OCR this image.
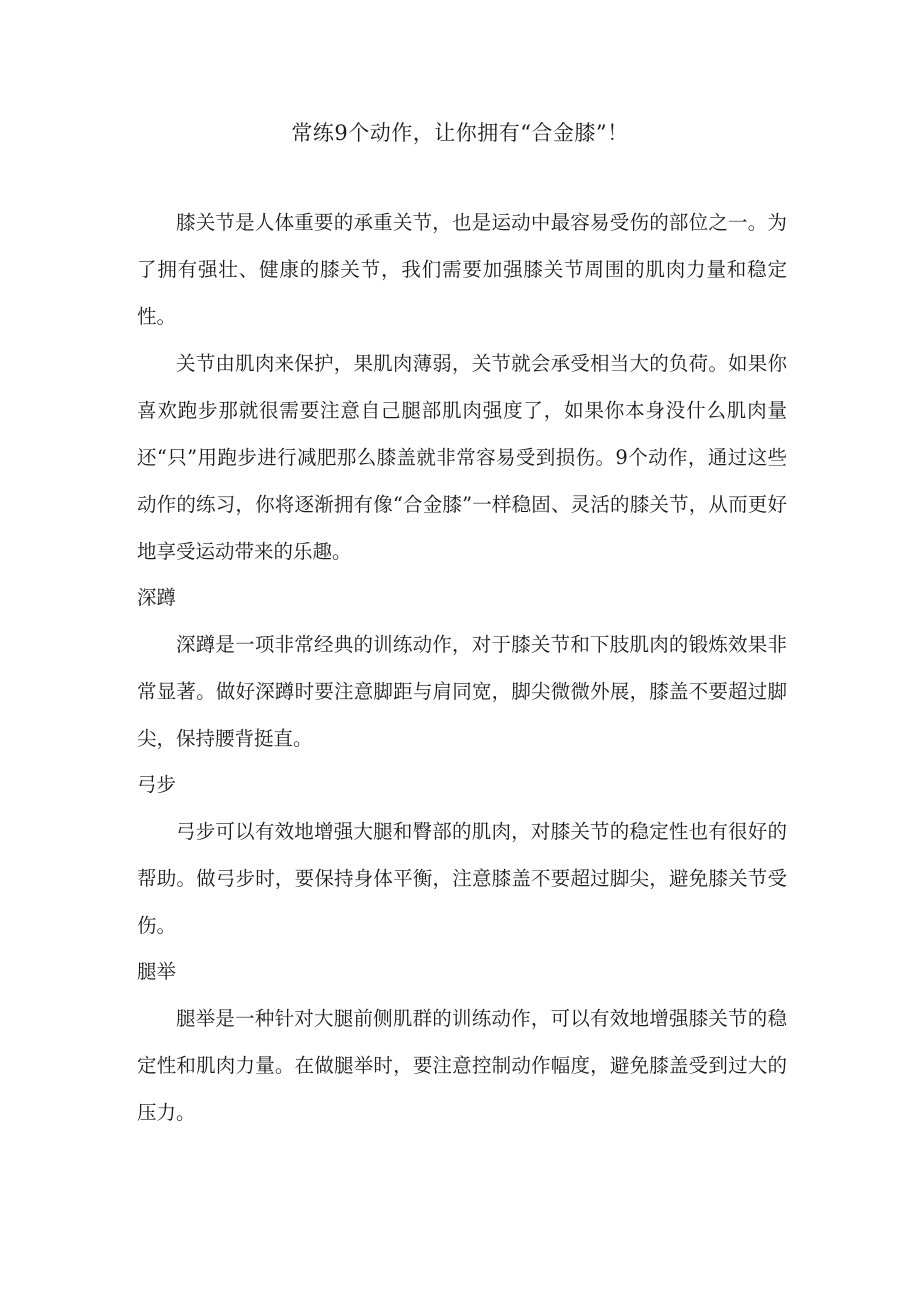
常练9个动作，让你拥有“合金膝”！

膝关节是人体重要的承重关节，也是运动中最容易受伤的部位之一。为了拥有强壮、健康的膝关节，我们需要加强膝关节周围的肌肉力量和稳定性。

关节由肌肉来保护，果肌肉薄弱，关节就会承受相当大的负荷。如果你喜欢跑步那就很需要注意自己腿部肌肉强度了，如果你本身没什么肌肉量还“只”用跑步进行减肥那么膝盖就非常容易受到损伤。9个动作，通过这些动作的练习，你将逐渐拥有像“合金膝”一样稳固、灵活的膝关节，从而更好地享受运动带来的乐趣。

深蹲

深蹲是一项非常经典的训练动作，对于膝关节和下肢肌肉的锻炼效果非常显著。做好深蹲时要注意脚距与肩同宽，脚尖微微外展，膝盖不要超过脚尖，保持腰背挺直。

弓步

弓步可以有效地增强大腿和臀部的肌肉，对膝关节的稳定性也有很好的帮助。做弓步时，要保持身体平衡，注意膝盖不要超过脚尖，避免膝关节受伤。

腿举

腿举是一种针对大腿前侧肌群的训练动作，可以有效地增强膝关节的稳定性和肌肉力量。在做腿举时，要注意控制动作幅度，避免膝盖受到过大的压力。
